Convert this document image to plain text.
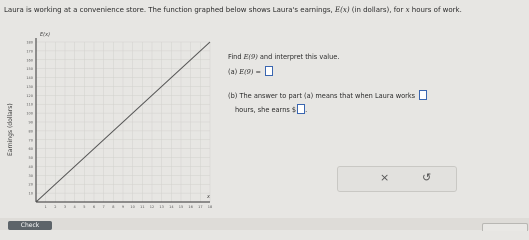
Laura is working at a convenience store. The function graphed below shows Laura's earnings, E(x) (in dollars), for x hours of work.
Earnings (dollars)
E(x)
x
180
170
160
150
140
130
120
110
100
90
80
70
60
50
40
30
20
10
1 2 3 4 5 6 7 8 9 10 11 12 13 14 15 16 17 18
Find E(9) and interpret this value.
(a) E(9) =
(b) The answer to part (a) means that when Laura works
hours, she earns $ .
×	↺
Check
